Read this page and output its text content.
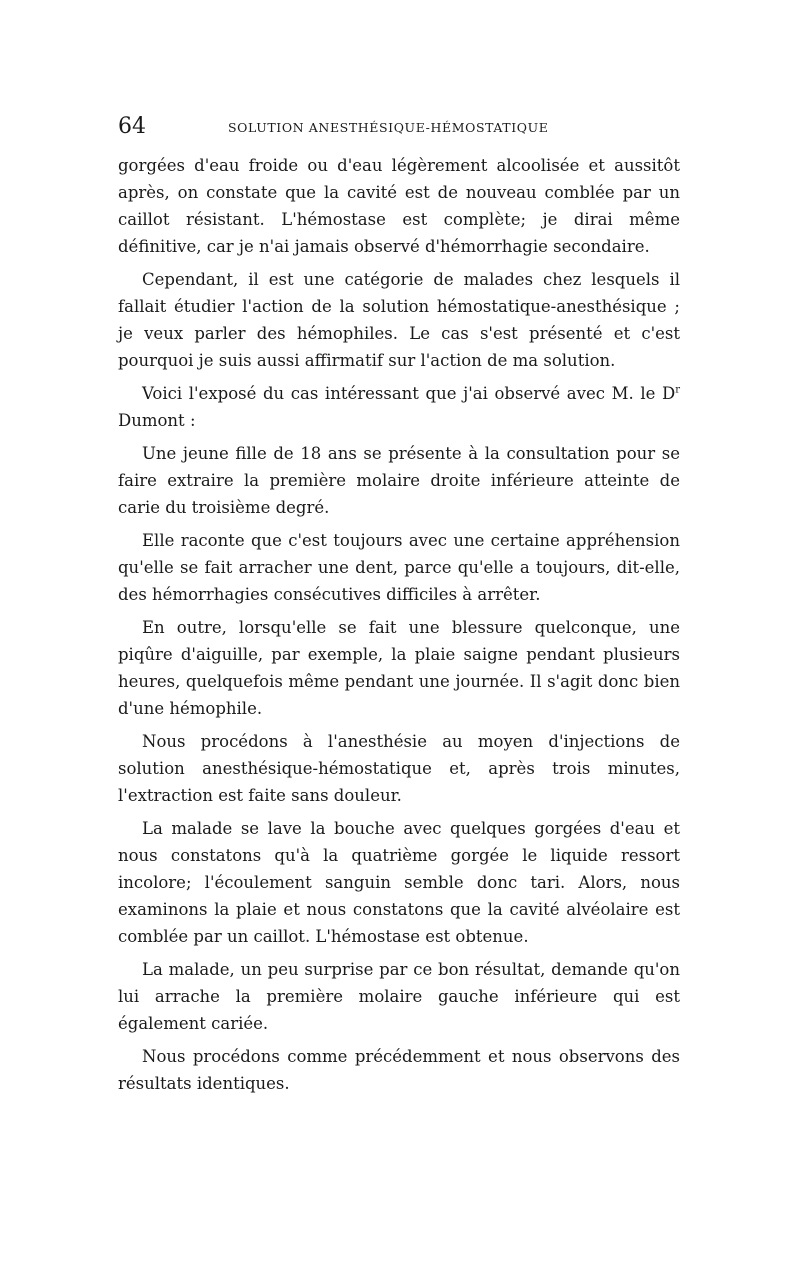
64	SOLUTION ANESTHÉSIQUE-HÉMOSTATIQUE

gorgées d'eau froide ou d'eau légèrement alcoolisée et aussitôt après, on constate que la cavité est de nouveau comblée par un caillot résistant. L'hémostase est complète; je dirai même définitive, car je n'ai jamais observé d'hémorrhagie secondaire.

Cependant, il est une catégorie de malades chez lesquels il fallait étudier l'action de la solution hémostatique-anesthésique ; je veux parler des hémophiles. Le cas s'est présenté et c'est pourquoi je suis aussi affirmatif sur l'action de ma solution.

Voici l'exposé du cas intéressant que j'ai observé avec M. le $D^r$ Dumont :

Une jeune fille de 18 ans se présente à la consultation pour se faire extraire la première molaire droite inférieure atteinte de carie du troisième degré.

Elle raconte que c'est toujours avec une certaine appréhension qu'elle se fait arracher une dent, parce qu'elle a toujours, dit-elle, des hémorrhagies consécutives difficiles à arrêter.

En outre, lorsqu'elle se fait une blessure quelconque, une piqûre d'aiguille, par exemple, la plaie saigne pendant plusieurs heures, quelquefois même pendant une journée. Il s'agit donc bien d'une hémophile.

Nous procédons à l'anesthésie au moyen d'injections de solution anesthésique-hémostatique et, après trois minutes, l'extraction est faite sans douleur.

La malade se lave la bouche avec quelques gorgées d'eau et nous constatons qu'à la quatrième gorgée le liquide ressort incolore; l'écoulement sanguin semble donc tari. Alors, nous examinons la plaie et nous constatons que la cavité alvéolaire est comblée par un caillot. L'hémostase est obtenue.

La malade, un peu surprise par ce bon résultat, demande qu'on lui arrache la première molaire gauche inférieure qui est également cariée.

Nous procédons comme précédemment et nous observons des résultats identiques.
